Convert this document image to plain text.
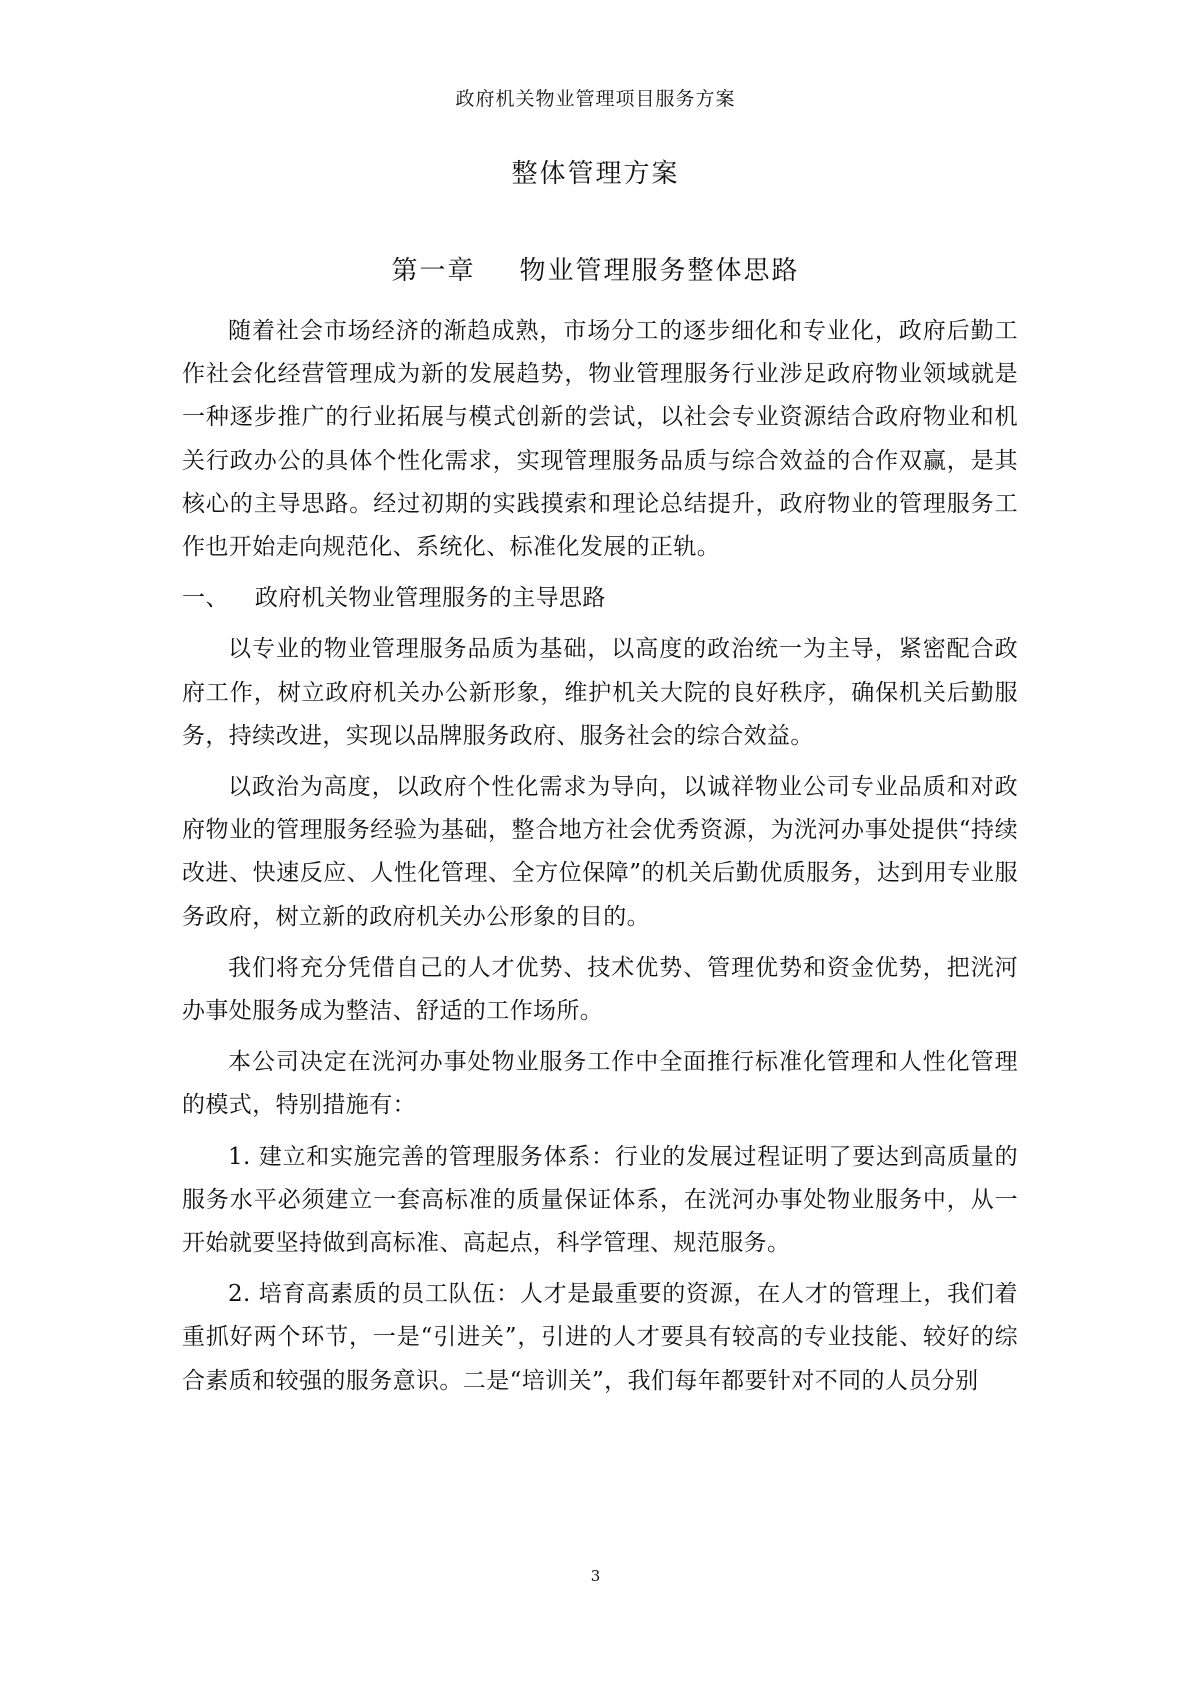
政府机关物业管理项目服务方案
整体管理方案
第一章 物业管理服务整体思路

随着社会市场经济的渐趋成熟，市场分工的逐步细化和专业化，政府后勤工作社会化经营管理成为新的发展趋势，物业管理服务行业涉足政府物业领域就是一种逐步推广的行业拓展与模式创新的尝试，以社会专业资源结合政府物业和机关行政办公的具体个性化需求，实现管理服务品质与综合效益的合作双赢，是其核心的主导思路。经过初期的实践摸索和理论总结提升，政府物业的管理服务工作也开始走向规范化、系统化、标准化发展的正轨。

一、 政府机关物业管理服务的主导思路

以专业的物业管理服务品质为基础，以高度的政治统一为主导，紧密配合政府工作，树立政府机关办公新形象，维护机关大院的良好秩序，确保机关后勤服务，持续改进，实现以品牌服务政府、服务社会的综合效益。

以政治为高度，以政府个性化需求为导向，以诚祥物业公司专业品质和对政府物业的管理服务经验为基础，整合地方社会优秀资源，为洸河办事处提供“持续改进、快速反应、人性化管理、全方位保障”的机关后勤优质服务，达到用专业服务政府，树立新的政府机关办公形象的目的。

我们将充分凭借自己的人才优势、技术优势、管理优势和资金优势，把洸河办事处服务成为整洁、舒适的工作场所。

本公司决定在洸河办事处物业服务工作中全面推行标准化管理和人性化管理的模式，特别措施有：

1. 建立和实施完善的管理服务体系：行业的发展过程证明了要达到高质量的服务水平必须建立一套高标准的质量保证体系，在洸河办事处物业服务中，从一开始就要坚持做到高标准、高起点，科学管理、规范服务。

2. 培育高素质的员工队伍：人才是最重要的资源，在人才的管理上，我们着重抓好两个环节，一是“引进关”，引进的人才要具有较高的专业技能、较好的综合素质和较强的服务意识。二是“培训关”，我们每年都要针对不同的人员分别

3
